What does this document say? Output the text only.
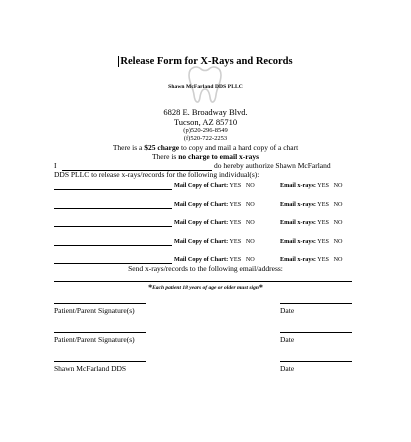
Release Form for X-Rays and Records
Shawn McFarland DDS PLLC
6828 E. Broadway Blvd.
Tucson, AZ 85710
(p)520-296-8549
(f)520-722-2253
There is a $25 charge to copy and mail a hard copy of a chart
There is no charge to email x-rays
I	do hereby authorize Shawn McFarland
DDS PLLC to release x-rays/records for the following individual(s):
Mail Copy of Chart: YES NO	Email x-rays: YES NO
Mail Copy of Chart: YES NO	Email x-rays: YES NO
Mail Copy of Chart: YES NO	Email x-rays: YES NO
Mail Copy of Chart: YES NO	Email x-rays: YES NO
Mail Copy of Chart: YES NO	Email x-rays: YES NO
Send x-rays/records to the following email/address:
*Each patient 18 years of age or older must sign*
Patient/Parent Signature(s)	Date
Patient/Parent Signature(s)	Date
Shawn McFarland DDS	Date
